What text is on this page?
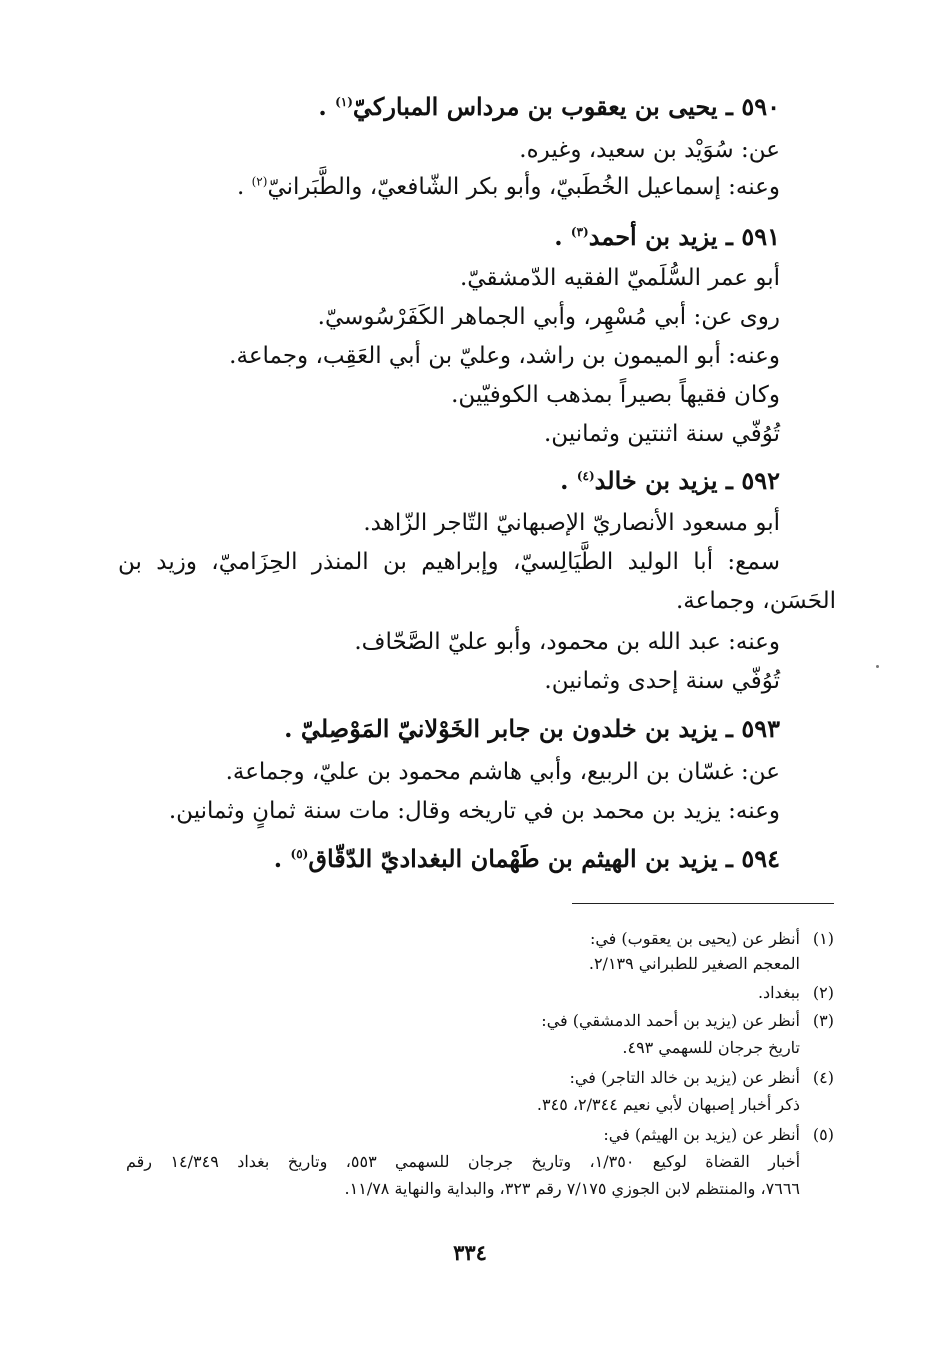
٥٩٠ ـ يحيى بن يعقوب بن مرداس المباركيّ$^{(١)}$ .
عن: سُوَيْد بن سعيد، وغيره.
وعنه: إسماعيل الخُطَبيّ، وأبو بكر الشّافعيّ، والطَّبَرانيّ$^{(٢)}$ .
٥٩١ ـ يزيد بن أحمد$^{(٣)}$ .
أبو عمر السُّلَميّ الفقيه الدّمشقيّ.
روى عن: أبي مُسْهِر، وأبي الجماهر الكَفَرْسُوسيّ.
وعنه: أبو الميمون بن راشد، وعليّ بن أبي العَقِب، وجماعة.
وكان فقيهاً بصيراً بمذهب الكوفيّين.
تُوُفّي سنة اثنتين وثمانين.
٥٩٢ ـ يزيد بن خالد$^{(٤)}$ .
أبو مسعود الأنصاريّ الإصبهانيّ التّاجر الزّاهد.
سمع: أبا الوليد الطَّيَالِسيّ، وإبراهيم بن المنذر الحِزَاميّ، وزيد بن
الحَسَن، وجماعة.
وعنه: عبد الله بن محمود، وأبو عليّ الصَّحّاف.
تُوُفّي سنة إحدى وثمانين.
٥٩٣ ـ يزيد بن خلدون بن جابر الخَوْلانيّ المَوْصِليّ .
عن: غسّان بن الربيع، وأبي هاشم محمود بن عليّ، وجماعة.
وعنه: يزيد بن محمد بن في تاريخه وقال: مات سنة ثمانٍ وثمانين.
٥٩٤ ـ يزيد بن الهيثم بن طَهْمان البغداديّ الدّقّاق$^{(٥)}$ .
(١)أنظر عن (يحيى بن يعقوب) في:
المعجم الصغير للطبراني ٢/١٣٩.
(٢)ببغداد.
(٣)أنظر عن (يزيد بن أحمد الدمشقي) في:
تاريخ جرجان للسهمي ٤٩٣.
(٤)أنظر عن (يزيد بن خالد التاجر) في:
ذكر أخبار إصبهان لأبي نعيم ٢/٣٤٤، ٣٤٥.
(٥)أنظر عن (يزيد بن الهيثم) في:
أخبار القضاة لوكيع ١/٣٥٠، وتاريخ جرجان للسهمي ٥٥٣، وتاريخ بغداد ١٤/٣٤٩ رقم
٧٦٦٦، والمنتظم لابن الجوزي ٧/١٧٥ رقم ٣٢٣، والبداية والنهاية ١١/٧٨.
٣٣٤
